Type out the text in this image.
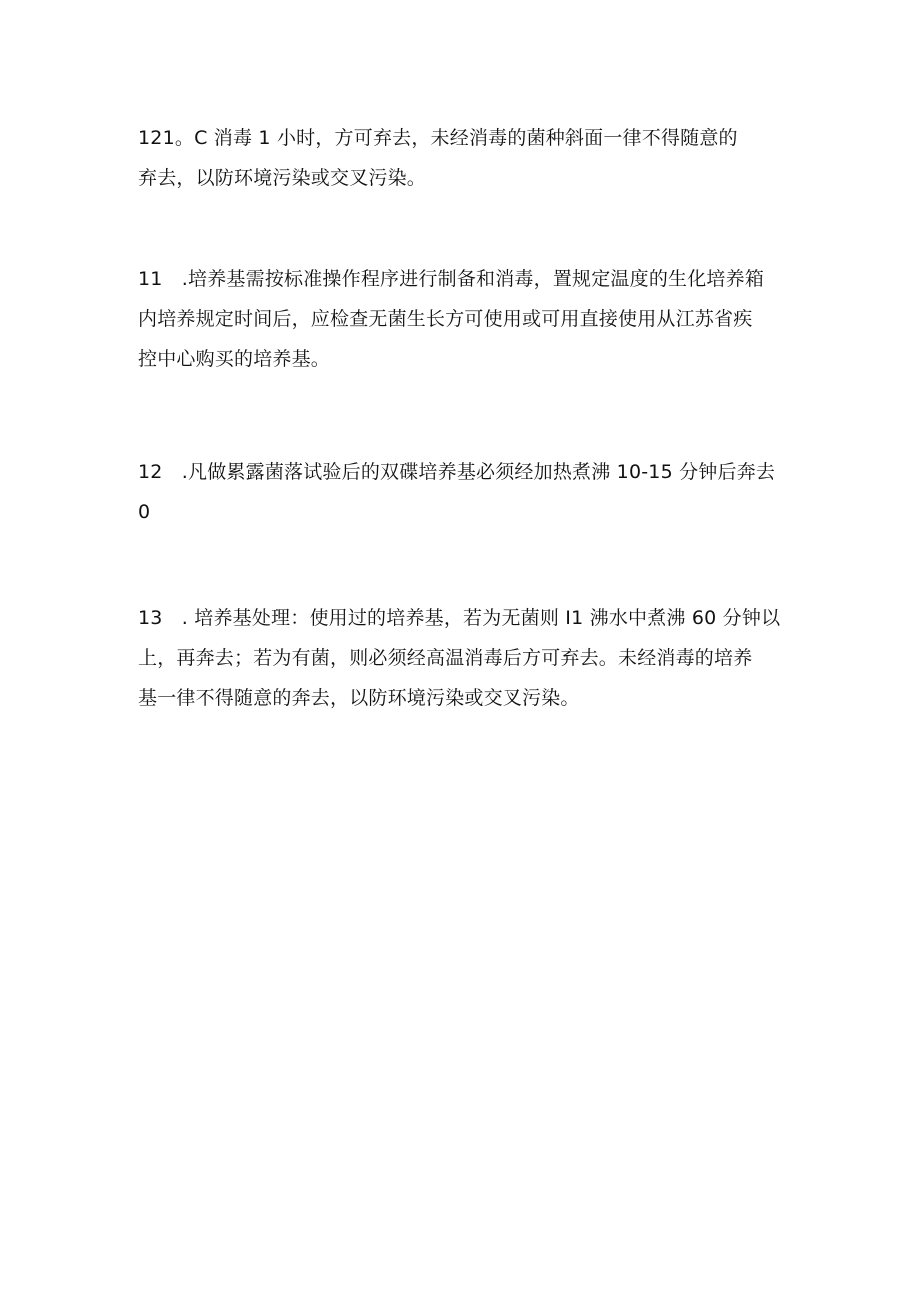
121。C 消毒 1 小时，方可弃去，未经消毒的菌种斜面一律不得随意的
弃去，以防环境污染或交叉污染。
11　.培养基需按标准操作程序进行制备和消毒，置规定温度的生化培养箱
内培养规定时间后，应检查无菌生长方可使用或可用直接使用从江苏省疾
控中心购买的培养基。
12　.凡做累露菌落试验后的双碟培养基必须经加热煮沸 10-15 分钟后奔去
0
13　. 培养基处理：使用过的培养基，若为无菌则 I1 沸水中煮沸 60 分钟以
上，再奔去；若为有菌，则必须经高温消毒后方可弃去。未经消毒的培养
基一律不得随意的奔去，以防环境污染或交叉污染。
